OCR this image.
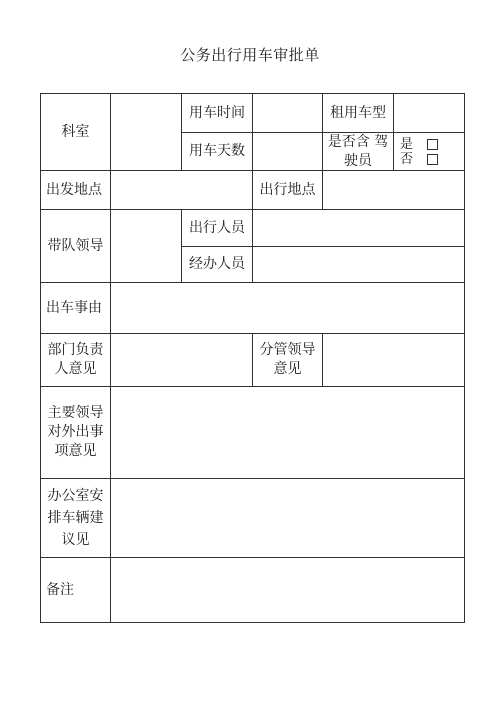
公务出行用车审批单
科室
用车时间	租用车型
用车天数
是否含 驾驶员
是
否
出发地点	出行地点
带队领导
出行人员
经办人员
出车事由
部门负责人意见
分管领导意见
主要领导对外出事项意见
办公室安排车辆建议见
备注
